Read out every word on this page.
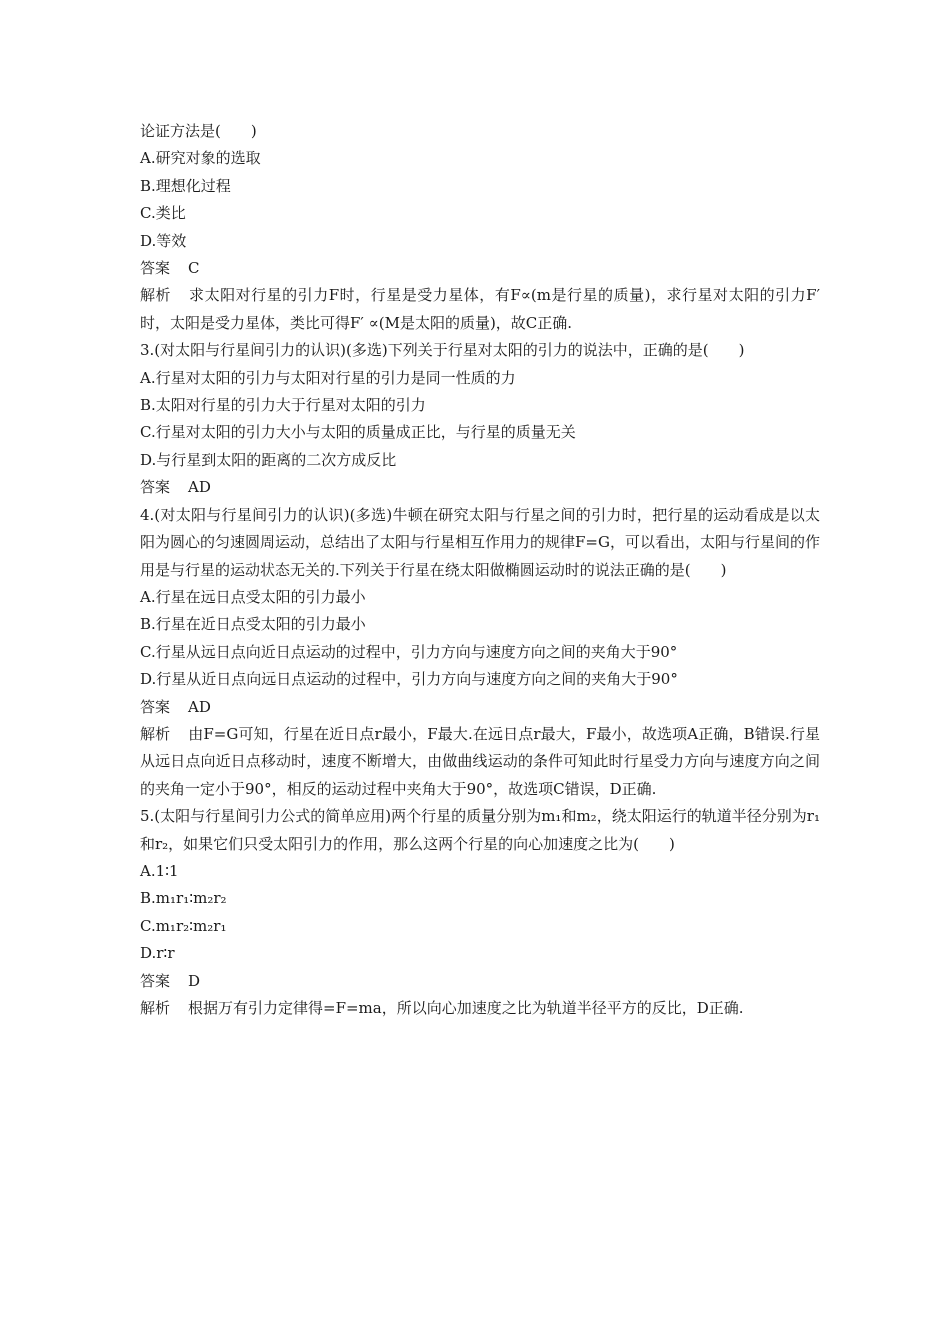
论证方法是(　　)

A.研究对象的选取

B.理想化过程

C.类比

D.等效

答案 C

解析 求太阳对行星的引力F时，行星是受力星体，有F∝(m是行星的质量)，求行星对太阳的引力F′ 时，太阳是受力星体，类比可得F′ ∝(M是太阳的质量)，故C正确.

3.(对太阳与行星间引力的认识)(多选)下列关于行星对太阳的引力的说法中，正确的是(　　)

A.行星对太阳的引力与太阳对行星的引力是同一性质的力

B.太阳对行星的引力大于行星对太阳的引力

C.行星对太阳的引力大小与太阳的质量成正比，与行星的质量无关

D.与行星到太阳的距离的二次方成反比

答案 AD

4.(对太阳与行星间引力的认识)(多选)牛顿在研究太阳与行星之间的引力时，把行星的运动看成是以太阳为圆心的匀速圆周运动，总结出了太阳与行星相互作用力的规律F=G，可以看出，太阳与行星间的作用是与行星的运动状态无关的.下列关于行星在绕太阳做椭圆运动时的说法正确的是(　　)

A.行星在远日点受太阳的引力最小

B.行星在近日点受太阳的引力最小

C.行星从远日点向近日点运动的过程中，引力方向与速度方向之间的夹角大于90°

D.行星从近日点向远日点运动的过程中，引力方向与速度方向之间的夹角大于90°

答案 AD

解析 由F=G可知，行星在近日点r最小，F最大.在远日点r最大，F最小，故选项A正确，B错误.行星从远日点向近日点移动时，速度不断增大，由做曲线运动的条件可知此时行星受力方向与速度方向之间的夹角一定小于90°，相反的运动过程中夹角大于90°，故选项C错误，D正确.

5.(太阳与行星间引力公式的简单应用)两个行星的质量分别为m₁和m₂，绕太阳运行的轨道半径分别为r₁和r₂，如果它们只受太阳引力的作用，那么这两个行星的向心加速度之比为(　　)

A.1∶1

B.m₁r₁∶m₂r₂

C.m₁r₂∶m₂r₁

D.r∶r

答案 D

解析 根据万有引力定律得=F=ma，所以向心加速度之比为轨道半径平方的反比，D正确.
